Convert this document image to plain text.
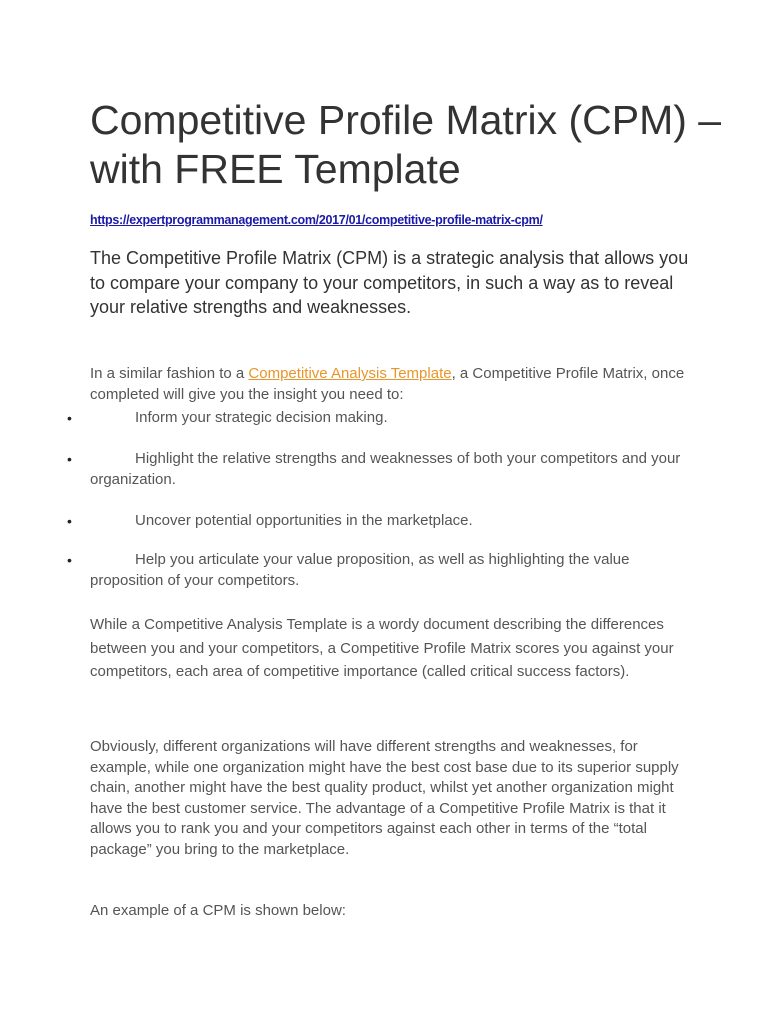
Competitive Profile Matrix (CPM) – with FREE Template
https://expertprogrammanagement.com/2017/01/competitive-profile-matrix-cpm/

The Competitive Profile Matrix (CPM) is a strategic analysis that allows you to compare your company to your competitors, in such a way as to reveal your relative strengths and weaknesses.

In a similar fashion to a Competitive Analysis Template, a Competitive Profile Matrix, once completed will give you the insight you need to:

•	Inform your strategic decision making.
•	Highlight the relative strengths and weaknesses of both your competitors and your organization.
•	Uncover potential opportunities in the marketplace.
•	Help you articulate your value proposition, as well as highlighting the value proposition of your competitors.

While a Competitive Analysis Template is a wordy document describing the differences between you and your competitors, a Competitive Profile Matrix scores you against your competitors, each area of competitive importance (called critical success factors).

Obviously, different organizations will have different strengths and weaknesses, for example, while one organization might have the best cost base due to its superior supply chain, another might have the best quality product, whilst yet another organization might have the best customer service. The advantage of a Competitive Profile Matrix is that it allows you to rank you and your competitors against each other in terms of the “total package” you bring to the marketplace.

An example of a CPM is shown below:
